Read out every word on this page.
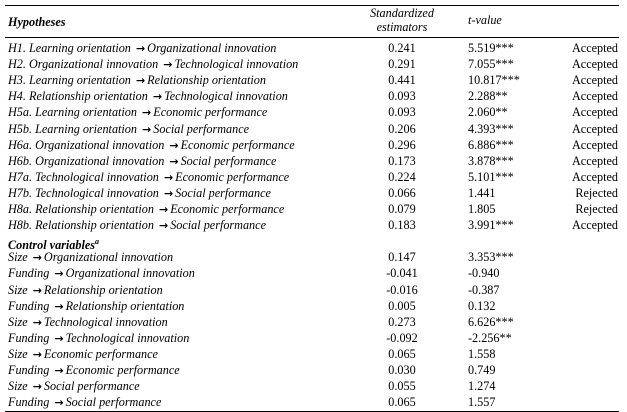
Hypotheses
Standardized
estimators	t-value
H1. Learning orientation → Organizational innovation	0.241	5.519***	Accepted
H2. Organizational innovation → Technological innovation	0.291	7.055***	Accepted
H3. Learning orientation → Relationship orientation	0.441	10.817***	Accepted
H4. Relationship orientation → Technological innovation	0.093	2.288**	Accepted
H5a. Learning orientation → Economic performance	0.093	2.060**	Accepted
H5b. Learning orientation → Social performance	0.206	4.393***	Accepted
H6a. Organizational innovation → Economic performance	0.296	6.886***	Accepted
H6b. Organizational innovation → Social performance	0.173	3.878***	Accepted
H7a. Technological innovation → Economic performance	0.224	5.101***	Accepted
H7b. Technological innovation → Social performance	0.066	1.441	Rejected
H8a. Relationship orientation → Economic performance	0.079	1.805	Rejected
H8b. Relationship orientation → Social performance	0.183	3.991***	Accepted
Control variables$^a$
Size → Organizational innovation	0.147	3.353***
Funding → Organizational innovation	-0.041	-0.940
Size → Relationship orientation	-0.016	-0.387
Funding → Relationship orientation	0.005	0.132
Size → Technological innovation	0.273	6.626***
Funding → Technological innovation	-0.092	-2.256**
Size → Economic performance	0.065	1.558
Funding → Economic performance	0.030	0.749
Size → Social performance	0.055	1.274
Funding → Social performance	0.065	1.557
